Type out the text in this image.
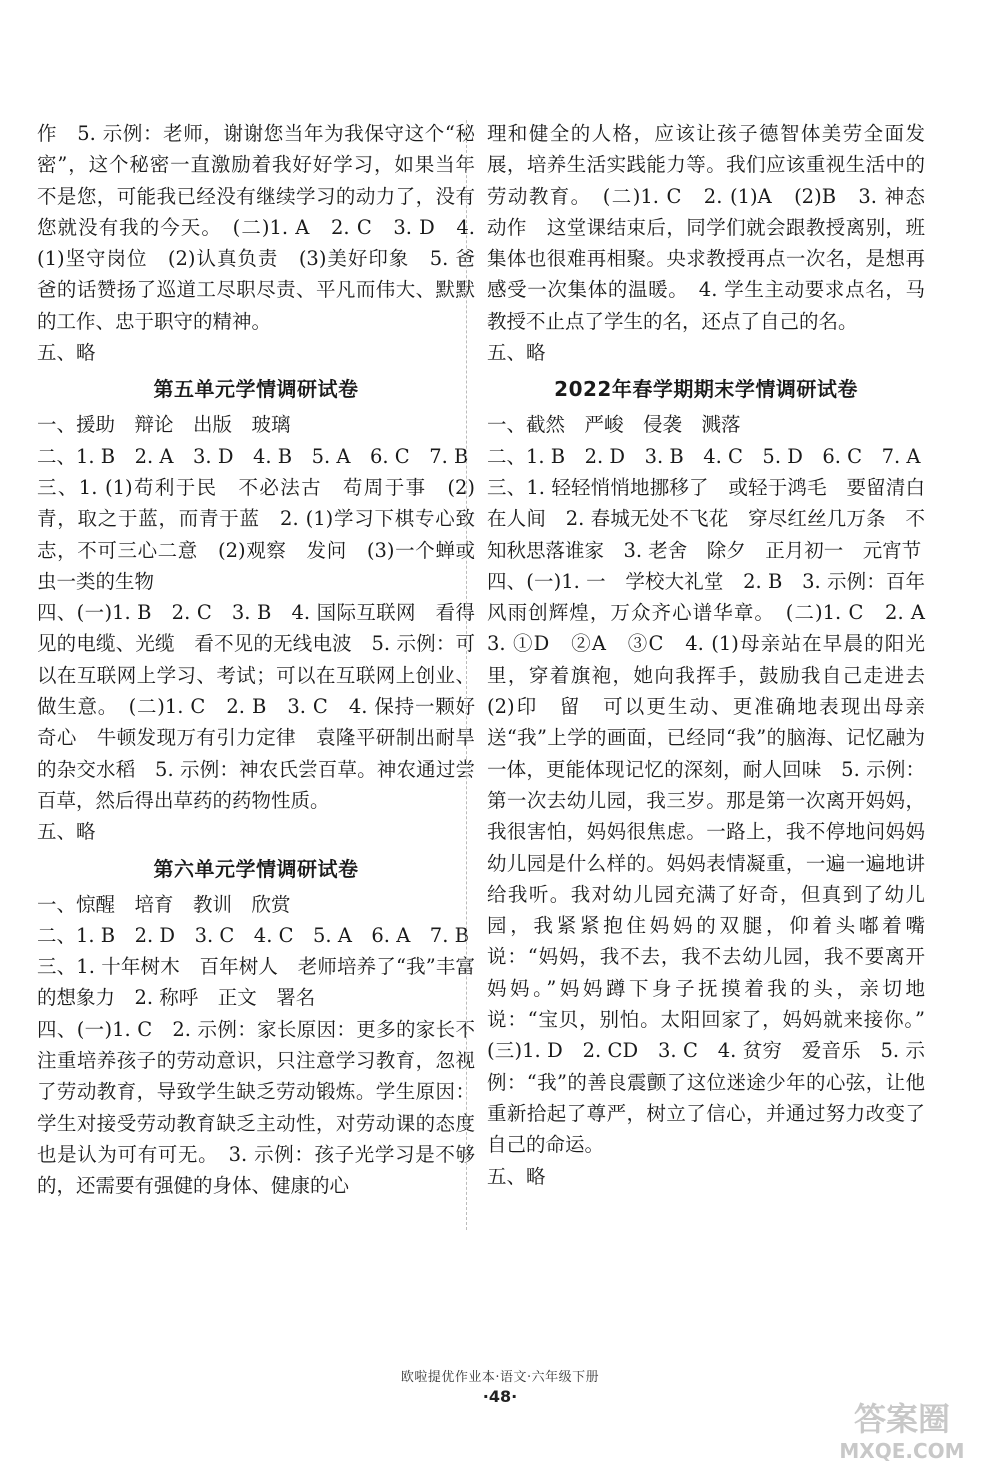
作　5. 示例：老师，谢谢您当年为我保守这个“秘密”，这个秘密一直激励着我好好学习，如果当年不是您，可能我已经没有继续学习的动力了，没有您就没有我的今天。　(二)1. A　2. C　3. D　4. (1)坚守岗位　(2)认真负责　(3)美好印象　5. 爸爸的话赞扬了巡道工尽职尽责、平凡而伟大、默默的工作、忠于职守的精神。

五、略

第五单元学情调研试卷

一、援助　辩论　出版　玻璃

二、1. B　2. A　3. D　4. B　5. A　6. C　7. B

三、1. (1)苟利于民　不必法古　苟周于事　(2)青，取之于蓝，而青于蓝　2. (1)学习下棋专心致志，不可三心二意　(2)观察　发问　(3)一个蝉或虫一类的生物

四、(一)1. B　2. C　3. B　4. 国际互联网　看得见的电缆、光缆　看不见的无线电波　5. 示例：可以在互联网上学习、考试；可以在互联网上创业、做生意。　(二)1. C　2. B　3. C　4. 保持一颗好奇心　牛顿发现万有引力定律　袁隆平研制出耐旱的杂交水稻　5. 示例：神农氏尝百草。神农通过尝百草，然后得出草药的药物性质。

五、略

第六单元学情调研试卷

一、惊醒　培育　教训　欣赏

二、1. B　2. D　3. C　4. C　5. A　6. A　7. B

三、1. 十年树木　百年树人　老师培养了“我”丰富的想象力　2. 称呼　正文　署名

四、(一)1. C　2. 示例：家长原因：更多的家长不注重培养孩子的劳动意识，只注意学习教育，忽视了劳动教育，导致学生缺乏劳动锻炼。学生原因：学生对接受劳动教育缺乏主动性，对劳动课的态度也是认为可有可无。　3. 示例：孩子光学习是不够的，还需要有强健的身体、健康的心

理和健全的人格，应该让孩子德智体美劳全面发展，培养生活实践能力等。我们应该重视生活中的劳动教育。　(二)1. C　2. (1)A　(2)B　3. 神态　动作　这堂课结束后，同学们就会跟教授离别，班集体也很难再相聚。央求教授再点一次名，是想再感受一次集体的温暖。　4. 学生主动要求点名，马教授不止点了学生的名，还点了自己的名。

五、略

2022年春学期期末学情调研试卷

一、截然　严峻　侵袭　溅落

二、1. B　2. D　3. B　4. C　5. D　6. C　7. A

三、1. 轻轻悄悄地挪移了　或轻于鸿毛　要留清白在人间　2. 春城无处不飞花　穿尽红丝几万条　不知秋思落谁家　3. 老舍　除夕　正月初一　元宵节

四、(一)1. 一　学校大礼堂　2. B　3. 示例：百年风雨创辉煌，万众齐心谱华章。　(二)1. C　2. A　3. ①D　②A　③C　4. (1)母亲站在早晨的阳光里，穿着旗袍，她向我挥手，鼓励我自己走进去　(2)印　留　可以更生动、更准确地表现出母亲送“我”上学的画面，已经同“我”的脑海、记忆融为一体，更能体现记忆的深刻，耐人回味　5. 示例：第一次去幼儿园，我三岁。那是第一次离开妈妈，我很害怕，妈妈很焦虑。一路上，我不停地问妈妈幼儿园是什么样的。妈妈表情凝重，一遍一遍地讲给我听。我对幼儿园充满了好奇，但真到了幼儿园，我紧紧抱住妈妈的双腿，仰着头嘟着嘴说：“妈妈，我不去，我不去幼儿园，我不要离开妈妈。”妈妈蹲下身子抚摸着我的头，亲切地说：“宝贝，别怕。太阳回家了，妈妈就来接你。”　(三)1. D　2. CD　3. C　4. 贫穷　爱音乐　5. 示例：“我”的善良震颤了这位迷途少年的心弦，让他重新拾起了尊严，树立了信心，并通过努力改变了自己的命运。

五、略

欧啦提优作业本·语文·六年级下册
·48·
答案圈
MXQE.COM
